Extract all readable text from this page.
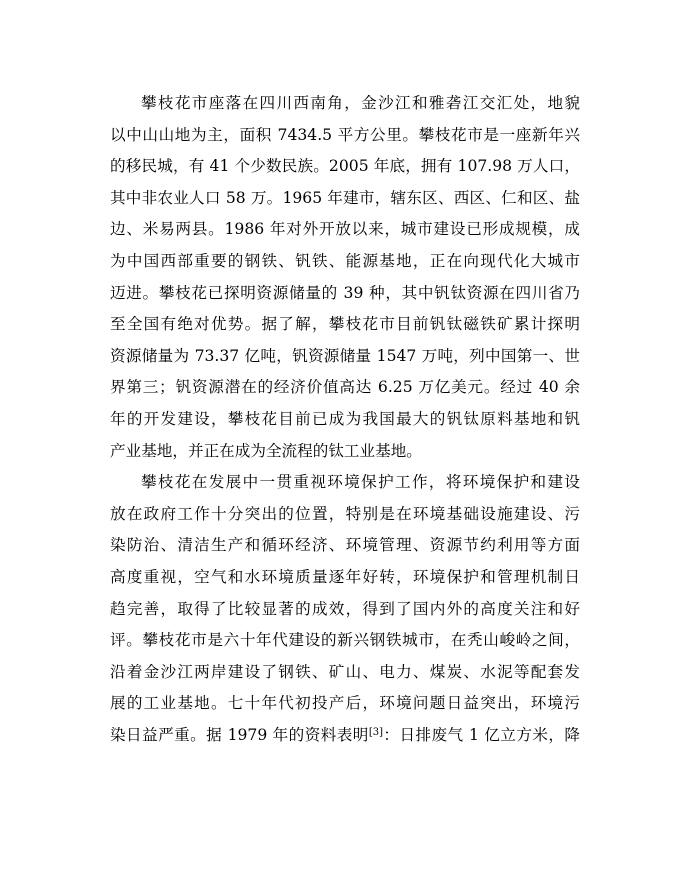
攀枝花市座落在四川西南角，金沙江和雅砻江交汇处，地貌
以中山山地为主，面积 7434.5 平方公里。攀枝花市是一座新年兴
的移民城，有 41 个少数民族。2005 年底，拥有 107.98 万人口，
其中非农业人口 58 万。1965 年建市，辖东区、西区、仁和区、盐
边、米易两县。1986 年对外开放以来，城市建设已形成规模，成
为中国西部重要的钢铁、钒铁、能源基地，正在向现代化大城市
迈进。攀枝花已探明资源储量的 39 种，其中钒钛资源在四川省乃
至全国有绝对优势。据了解，攀枝花市目前钒钛磁铁矿累计探明
资源储量为 73.37 亿吨，钒资源储量 1547 万吨，列中国第一、世
界第三；钒资源潜在的经济价值高达 6.25 万亿美元。经过 40 余
年的开发建设，攀枝花目前已成为我国最大的钒钛原料基地和钒
产业基地，并正在成为全流程的钛工业基地。
攀枝花在发展中一贯重视环境保护工作，将环境保护和建设
放在政府工作十分突出的位置，特别是在环境基础设施建设、污
染防治、清洁生产和循环经济、环境管理、资源节约利用等方面
高度重视，空气和水环境质量逐年好转，环境保护和管理机制日
趋完善，取得了比较显著的成效，得到了国内外的高度关注和好
评。攀枝花市是六十年代建设的新兴钢铁城市，在秃山峻岭之间，
沿着金沙江两岸建设了钢铁、矿山、电力、煤炭、水泥等配套发
展的工业基地。七十年代初投产后，环境问题日益突出，环境污
染日益严重。据 1979 年的资料表明[3]：日排废气 1 亿立方米，降
